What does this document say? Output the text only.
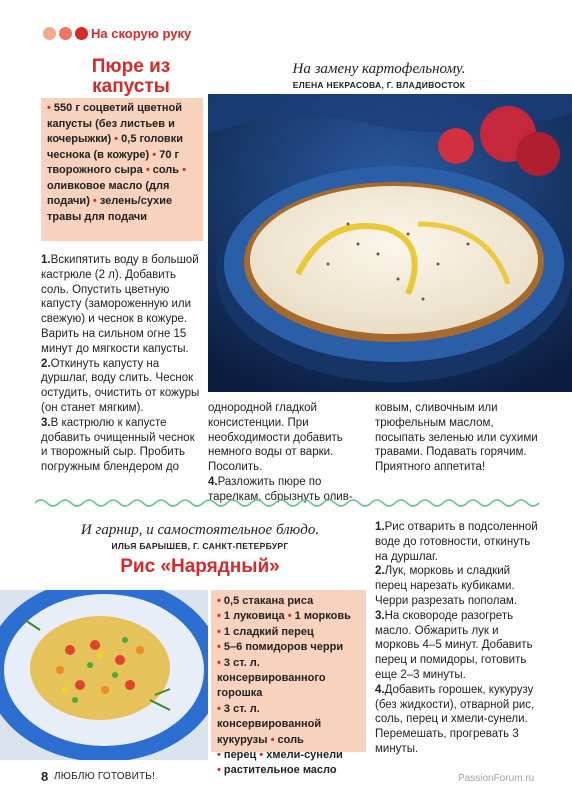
На скорую руку
Пюре из капусты
• 550 г соцветий цветной капусты (без листьев и кочерыжки) • 0,5 головки чеснока (в кожуре) • 70 г творожного сыра • соль • оливковое масло (для подачи) • зелень/сухие травы для подачи
1.Вскипятить воду в большой кастрюле (2 л). Добавить соль. Опустить цветную капусту (замороженную или свежую) и чеснок в кожуре. Варить на сильном огне 15 минут до мягкости капусты.
2.Откинуть капусту на дуршлаг, воду слить. Чеснок остудить, очистить от кожуры (он станет мягким).
3.В кастрюлю к капусте добавить очищенный чеснок и творожный сыр. Пробить погружным блендером до
На замену картофельному.
ЕЛЕНА НЕКРАСОВА, Г. ВЛАДИВОСТОК
однородной гладкой консистенции. При необходимости добавить немного воды от варки. Посолить.
4.Разложить пюре по тарелкам, сбрызнуть олив-
ковым, сливочным или трюфельным маслом, посыпать зеленью или сухими травами. Подавать горячим. Приятного аппетита!
И гарнир, и самостоятельное блюдо.
ИЛЬЯ БАРЫШЕВ, Г. САНКТ-ПЕТЕРБУРГ
Рис «Нарядный»
• 0,5 стакана риса
• 1 луковица • 1 морковь
• 1 сладкий перец
• 5–6 помидоров черри
• 3 ст. л. консервированного горошка
• 3 ст. л. консервированной кукурузы • соль
• перец • хмели-сунели
• растительное масло
1.Рис отварить в подсоленной воде до готовности, откинуть на дуршлаг.
2.Лук, морковь и сладкий перец нарезать кубиками. Черри разрезать пополам.
3.На сковороде разогреть масло. Обжарить лук и морковь 4–5 минут. Добавить перец и помидоры, готовить еще 2–3 минуты.
4.Добавить горошек, кукурузу (без жидкости), отварной рис, соль, перец и хмели-сунели. Перемешать, прогревать 3 минуты.
8 ЛЮБЛЮ ГОТОВИТЬ!	PassionForum.ru
